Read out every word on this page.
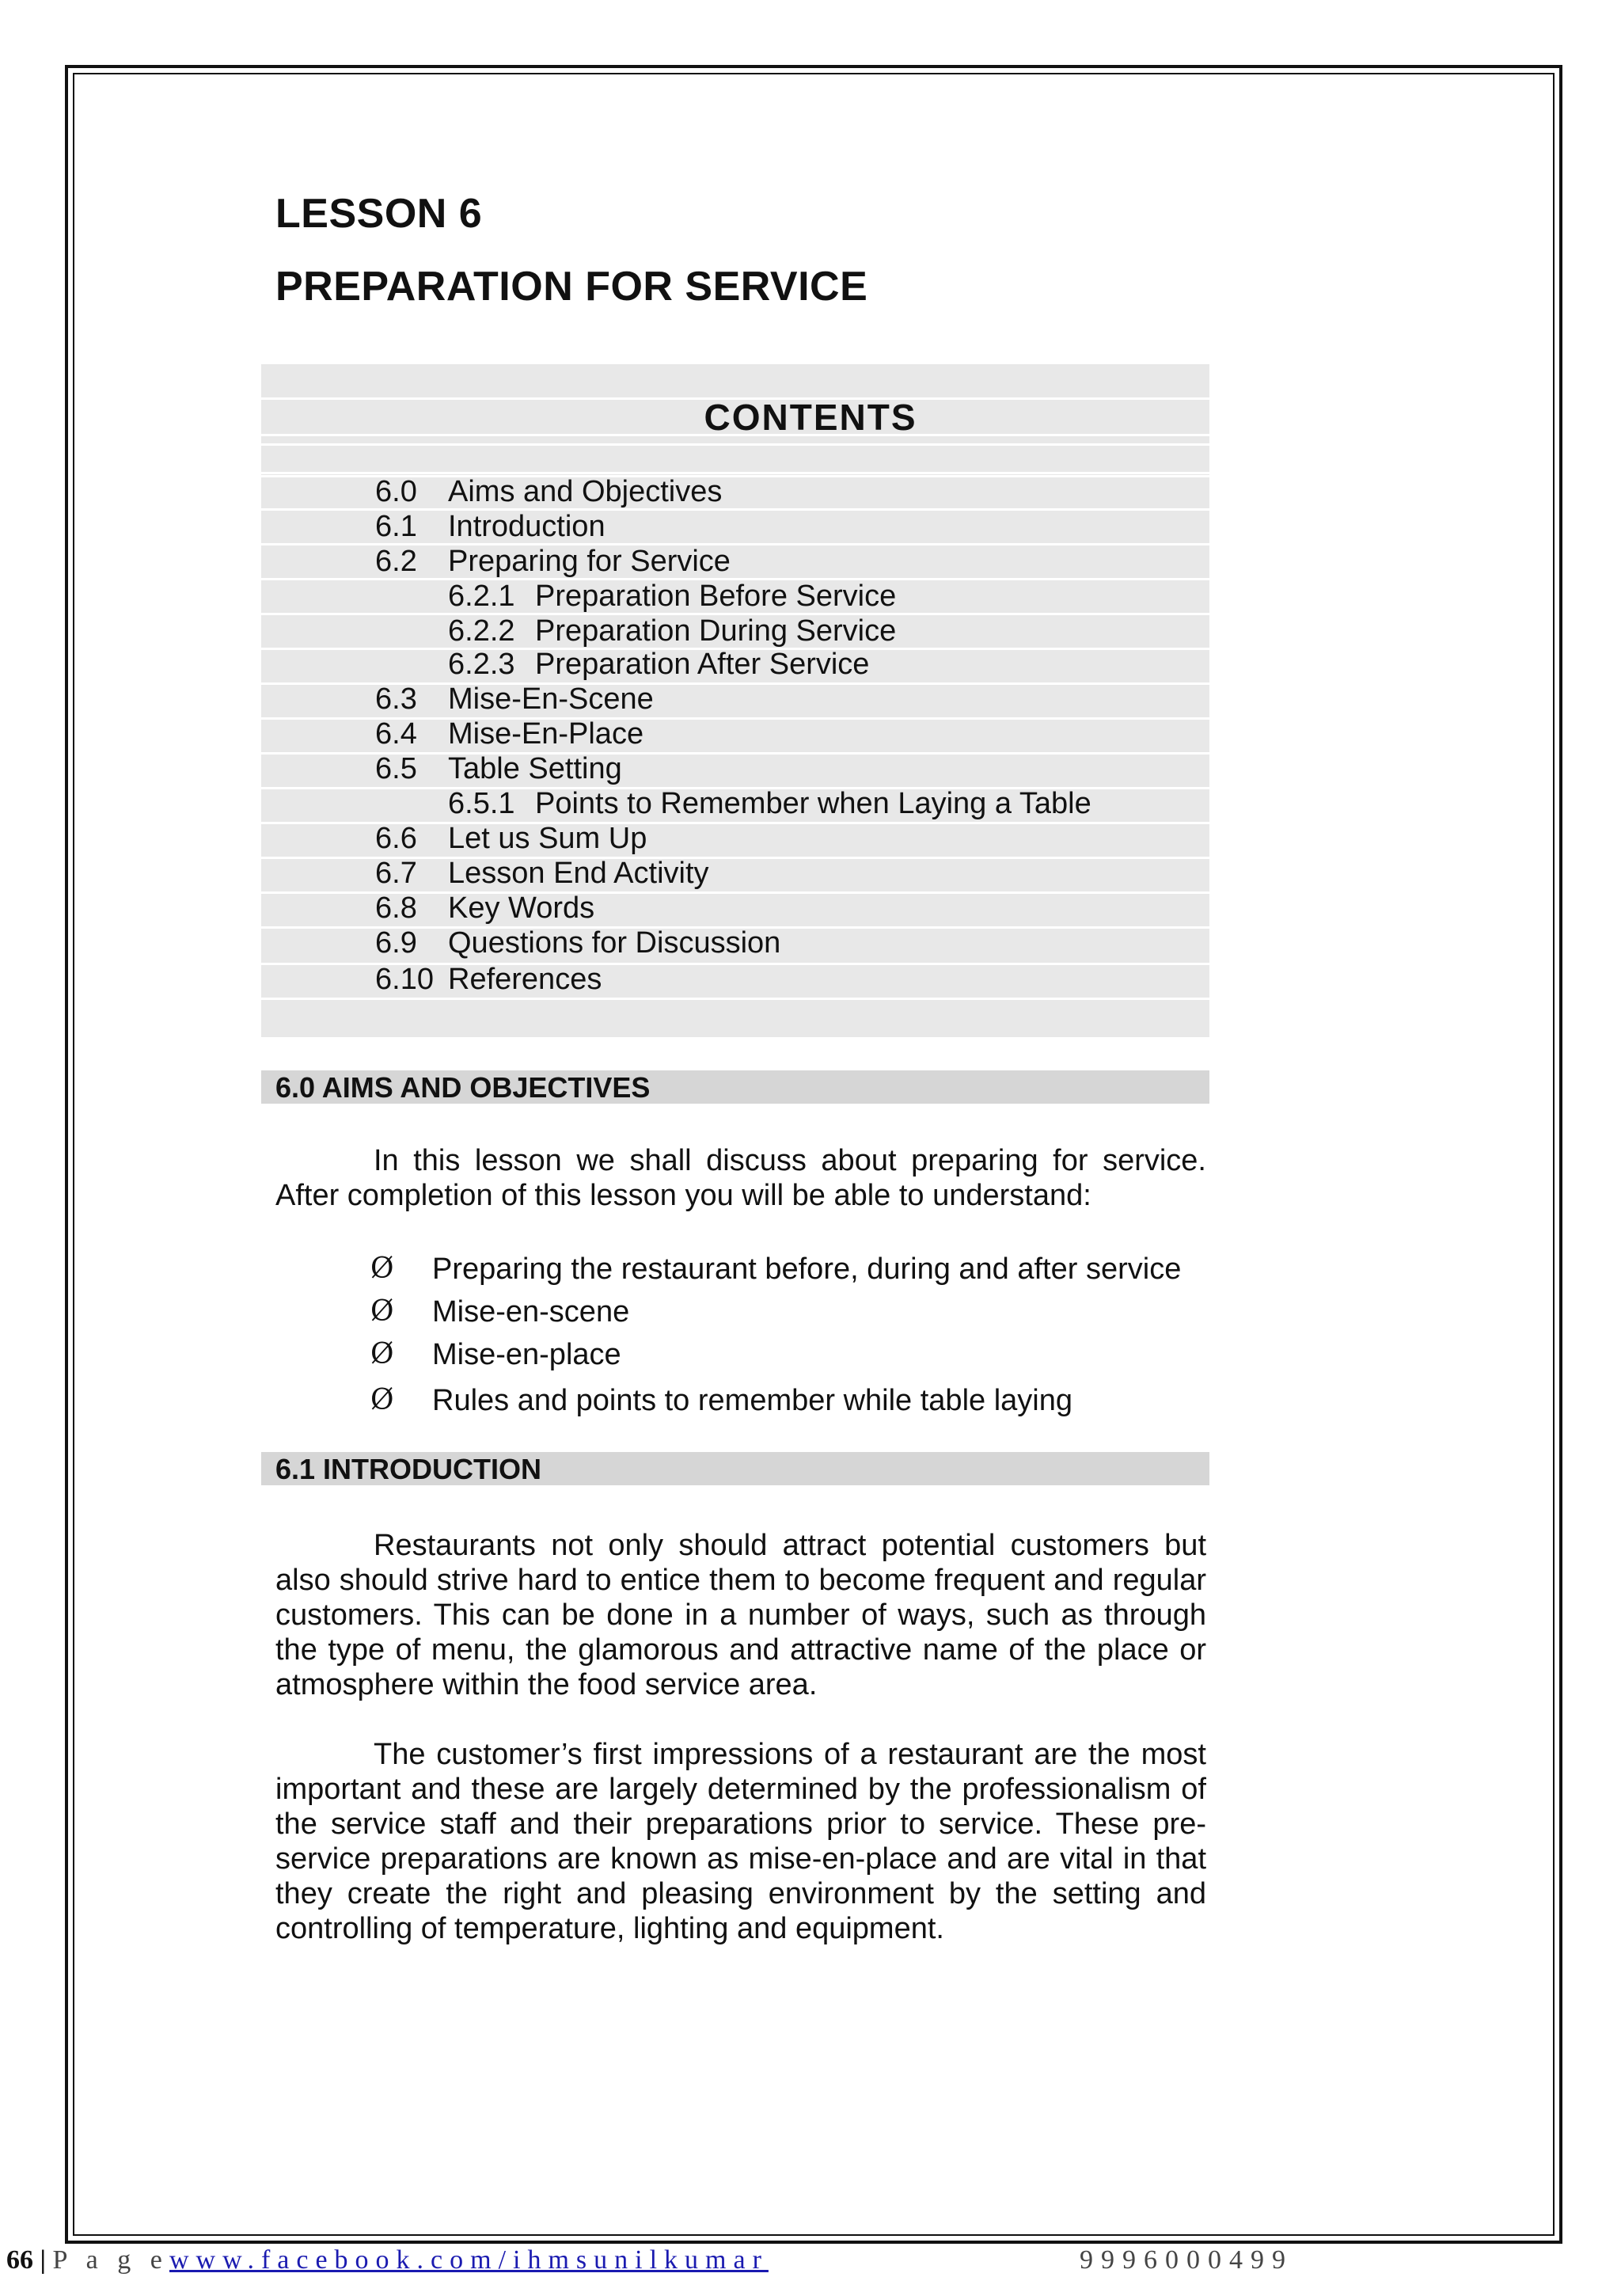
LESSON 6
PREPARATION FOR SERVICE
CONTENTS
6.0 Aims and Objectives
6.1 Introduction
6.2 Preparing for Service
6.2.1 Preparation Before Service
6.2.2 Preparation During Service
6.2.3 Preparation After Service
6.3 Mise-En-Scene
6.4 Mise-En-Place
6.5 Table Setting
6.5.1 Points to Remember when Laying a Table
6.6 Let us Sum Up
6.7 Lesson End Activity
6.8 Key Words
6.9 Questions for Discussion
6.10 References
6.0 AIMS AND OBJECTIVES
In this lesson we shall discuss about preparing for service. After completion of this lesson you will be able to understand:
Ø Preparing the restaurant before, during and after service
Ø Mise-en-scene
Ø Mise-en-place
Ø Rules and points to remember while table laying
6.1 INTRODUCTION
Restaurants not only should attract potential customers but also should strive hard to entice them to become frequent and regular customers. This can be done in a number of ways, such as through the type of menu, the glamorous and attractive name of the place or atmosphere within the food service area.
The customer’s first impressions of a restaurant are the most important and these are largely determined by the professionalism of the service staff and their preparations prior to service. These pre-service preparations are known as mise-en-place and are vital in that they create the right and pleasing environment by the setting and controlling of temperature, lighting and equipment.
66 | P a g e www.facebook.com/ihmsunilkumar	9996000499
